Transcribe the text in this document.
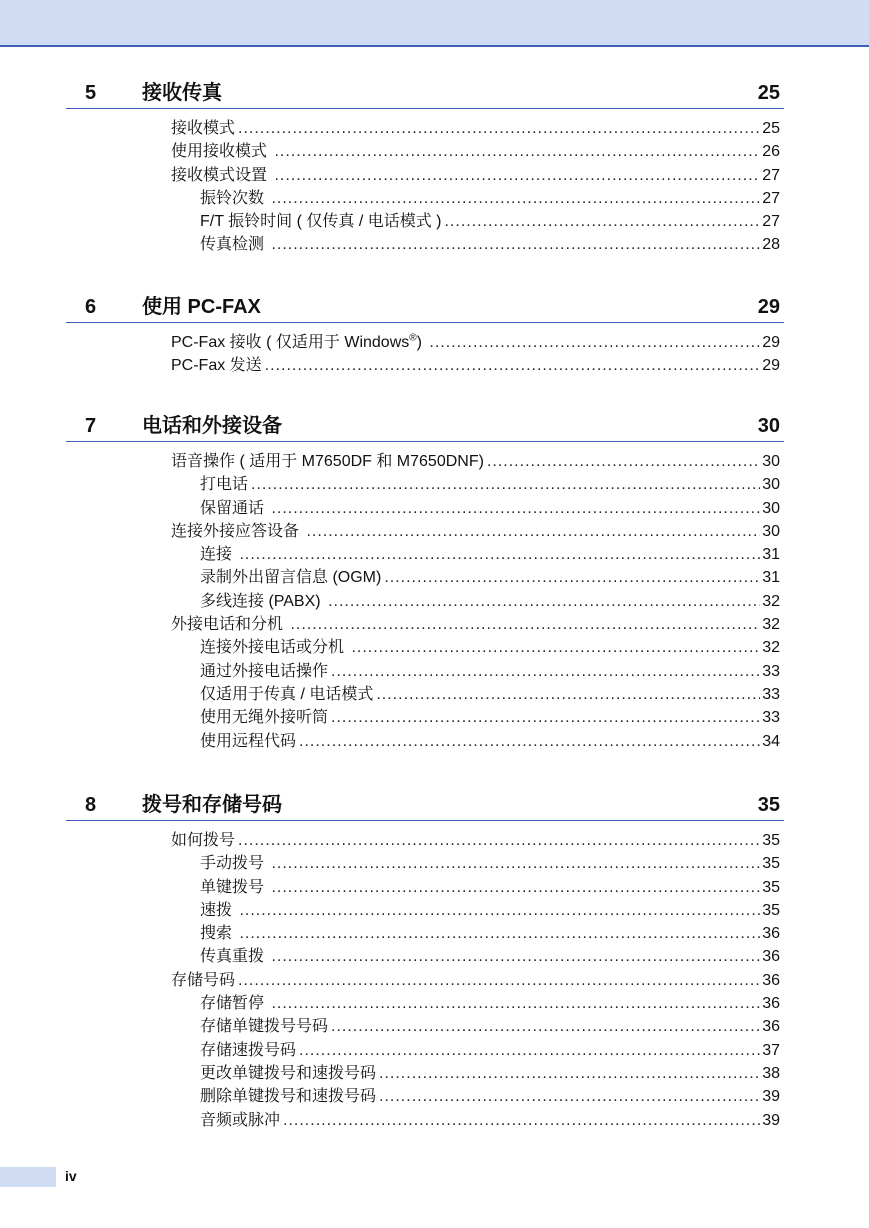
5 接收传真	25
接收模式 .....	25
使用接收模式 .....	26
接收模式设置 .....	27
振铃次数 .....	27
F/T 振铃时间 ( 仅传真 / 电话模式 ) .....	27
传真检测 .....	28
6 使用 PC-FAX	29
PC-Fax 接收 ( 仅适用于 Windows®) .....	29
PC-Fax 发送 .....	29
7 电话和外接设备	30
语音操作 ( 适用于 M7650DF 和 M7650DNF) .....	30
打电话 .....	30
保留通话 .....	30
连接外接应答设备 .....	30
连接 .....	31
录制外出留言信息 (OGM) .....	31
多线连接 (PABX) .....	32
外接电话和分机 .....	32
连接外接电话或分机 .....	32
通过外接电话操作 .....	33
仅适用于传真 / 电话模式 .....	33
使用无绳外接听筒 .....	33
使用远程代码 .....	34
8 拨号和存储号码	35
如何拨号 .....	35
手动拨号 .....	35
单键拨号 .....	35
速拨 .....	35
搜索 .....	36
传真重拨 .....	36
存储号码 .....	36
存储暂停 .....	36
存储单键拨号号码 .....	36
存储速拨号码 .....	37
更改单键拨号和速拨号码 .....	38
删除单键拨号和速拨号码 .....	39
音频或脉冲 .....	39
iv
